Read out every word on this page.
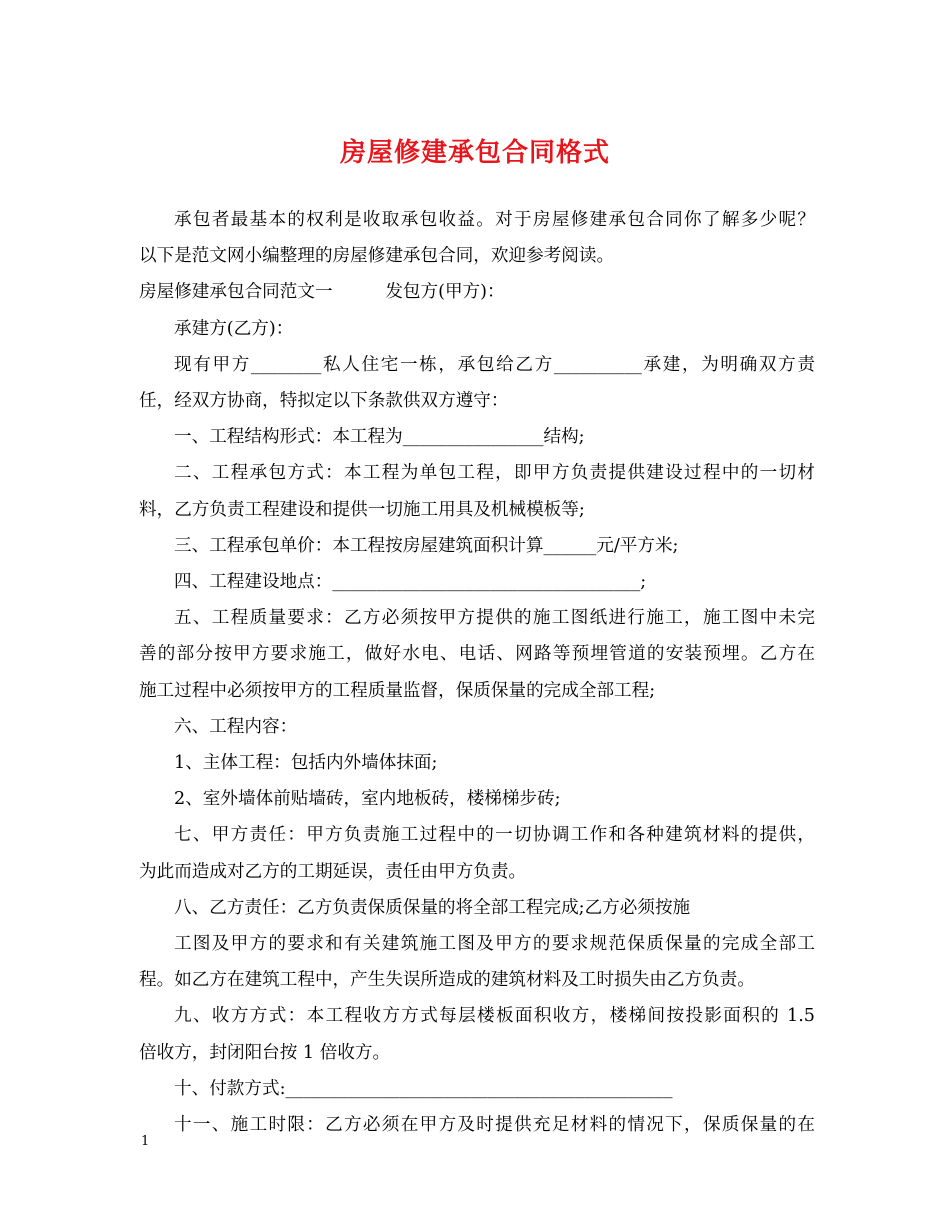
房屋修建承包合同格式

承包者最基本的权利是收取承包收益。对于房屋修建承包合同你了解多少呢？

以下是范文网小编整理的房屋修建承包合同，欢迎参考阅读。

房屋修建承包合同范文一　　　发包方(甲方)：

承建方(乙方)：

现有甲方________私人住宅一栋，承包给乙方__________承建，为明确双方责

任，经双方协商，特拟定以下条款供双方遵守：

一、工程结构形式：本工程为________________结构;

二、工程承包方式：本工程为单包工程，即甲方负责提供建设过程中的一切材

料，乙方负责工程建设和提供一切施工用具及机械模板等;

三、工程承包单价：本工程按房屋建筑面积计算______元/平方米;

四、工程建设地点：___________________________________;

五、工程质量要求：乙方必须按甲方提供的施工图纸进行施工，施工图中未完

善的部分按甲方要求施工，做好水电、电话、网路等预埋管道的安装预埋。乙方在

施工过程中必须按甲方的工程质量监督，保质保量的完成全部工程;

六、工程内容：

1、主体工程：包括内外墙体抹面;

2、室外墙体前贴墙砖，室内地板砖，楼梯梯步砖;

七、甲方责任：甲方负责施工过程中的一切协调工作和各种建筑材料的提供，

为此而造成对乙方的工期延误，责任由甲方负责。

八、乙方责任：乙方负责保质保量的将全部工程完成;乙方必须按施

工图及甲方的要求和有关建筑施工图及甲方的要求规范保质保量的完成全部工

程。如乙方在建筑工程中，产生失误所造成的建筑材料及工时损失由乙方负责。

九、收方方式：本工程收方方式每层楼板面积收方，楼梯间按投影面积的 1.5

倍收方，封闭阳台按 1 倍收方。

十、付款方式:____________________________________________

十一、施工时限：乙方必须在甲方及时提供充足材料的情况下，保质保量的在

1
